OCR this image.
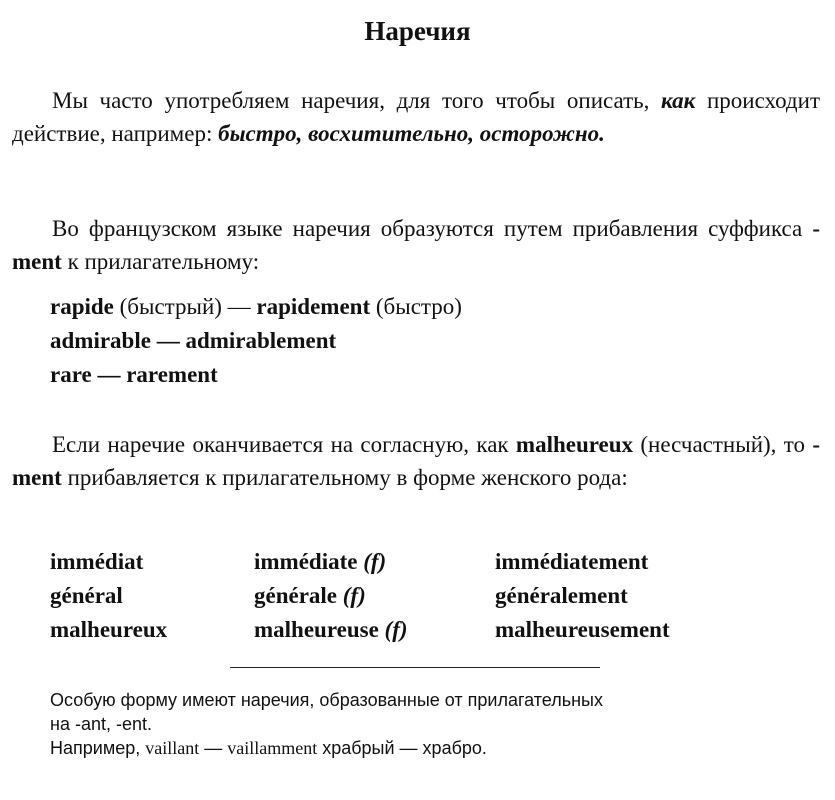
Наречия
Мы часто употребляем наречия, для того чтобы описать, как происходит действие, например: быстро, восхитительно, осторожно.
Во французском языке наречия образуются путем прибавления суффикса -ment к прилагательному:
rapide (быстрый) — rapidement (быстро)
admirable — admirablement
rare — rarement
Если наречие оканчивается на согласную, как malheureux (несчастный), то -ment прибавляется к прилагательному в форме женского рода:
immédiat	immédiate (f)	immédiatement
général	générale (f)	généralement
malheureux	malheureuse (f)	malheureusement
Особую форму имеют наречия, образованные от прилагательных
на -ant, -ent.
Например, vaillant — vaillamment храбрый — храбро.
